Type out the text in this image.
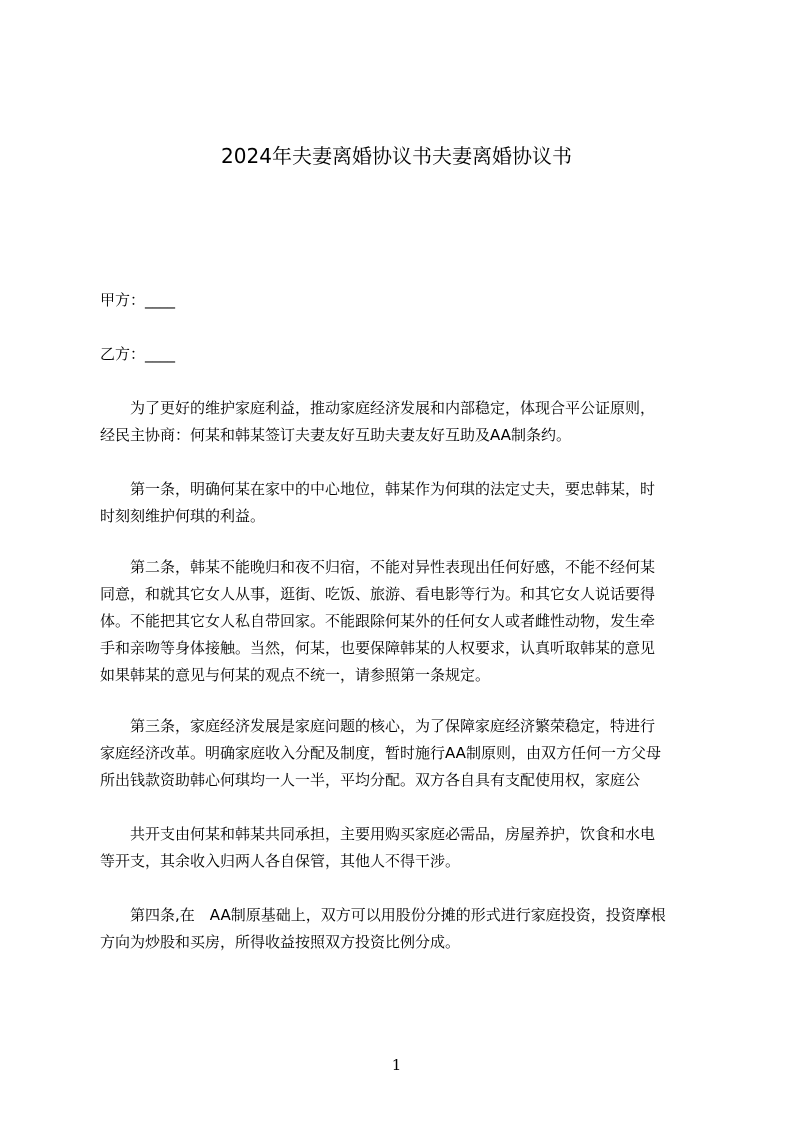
2024年夫妻离婚协议书夫妻离婚协议书
甲方：____
乙方：____
　　为了更好的维护家庭利益，推动家庭经济发展和内部稳定，体现合平公证原则，
经民主协商：何某和韩某签订夫妻友好互助夫妻友好互助及AA制条约。
　　第一条，明确何某在家中的中心地位，韩某作为何琪的法定丈夫，要忠韩某，时
时刻刻维护何琪的利益。
　　第二条，韩某不能晚归和夜不归宿，不能对异性表现出任何好感，不能不经何某
同意，和就其它女人从事，逛街、吃饭、旅游、看电影等行为。和其它女人说话要得
体。不能把其它女人私自带回家。不能跟除何某外的任何女人或者雌性动物，发生牵
手和亲吻等身体接触。当然，何某，也要保障韩某的人权要求，认真听取韩某的意见
如果韩某的意见与何某的观点不统一，请参照第一条规定。
　　第三条，家庭经济发展是家庭问题的核心，为了保障家庭经济繁荣稳定，特进行
家庭经济改革。明确家庭收入分配及制度，暂时施行AA制原则，由双方任何一方父母
所出钱款资助韩心何琪均一人一半，平均分配。双方各自具有支配使用权，家庭公
　　共开支由何某和韩某共同承担，主要用购买家庭必需品，房屋养护，饮食和水电
等开支，其余收入归两人各自保管，其他人不得干涉。
　　第四条,在　AA制原基础上，双方可以用股份分摊的形式进行家庭投资，投资摩根
方向为炒股和买房，所得收益按照双方投资比例分成。
1
